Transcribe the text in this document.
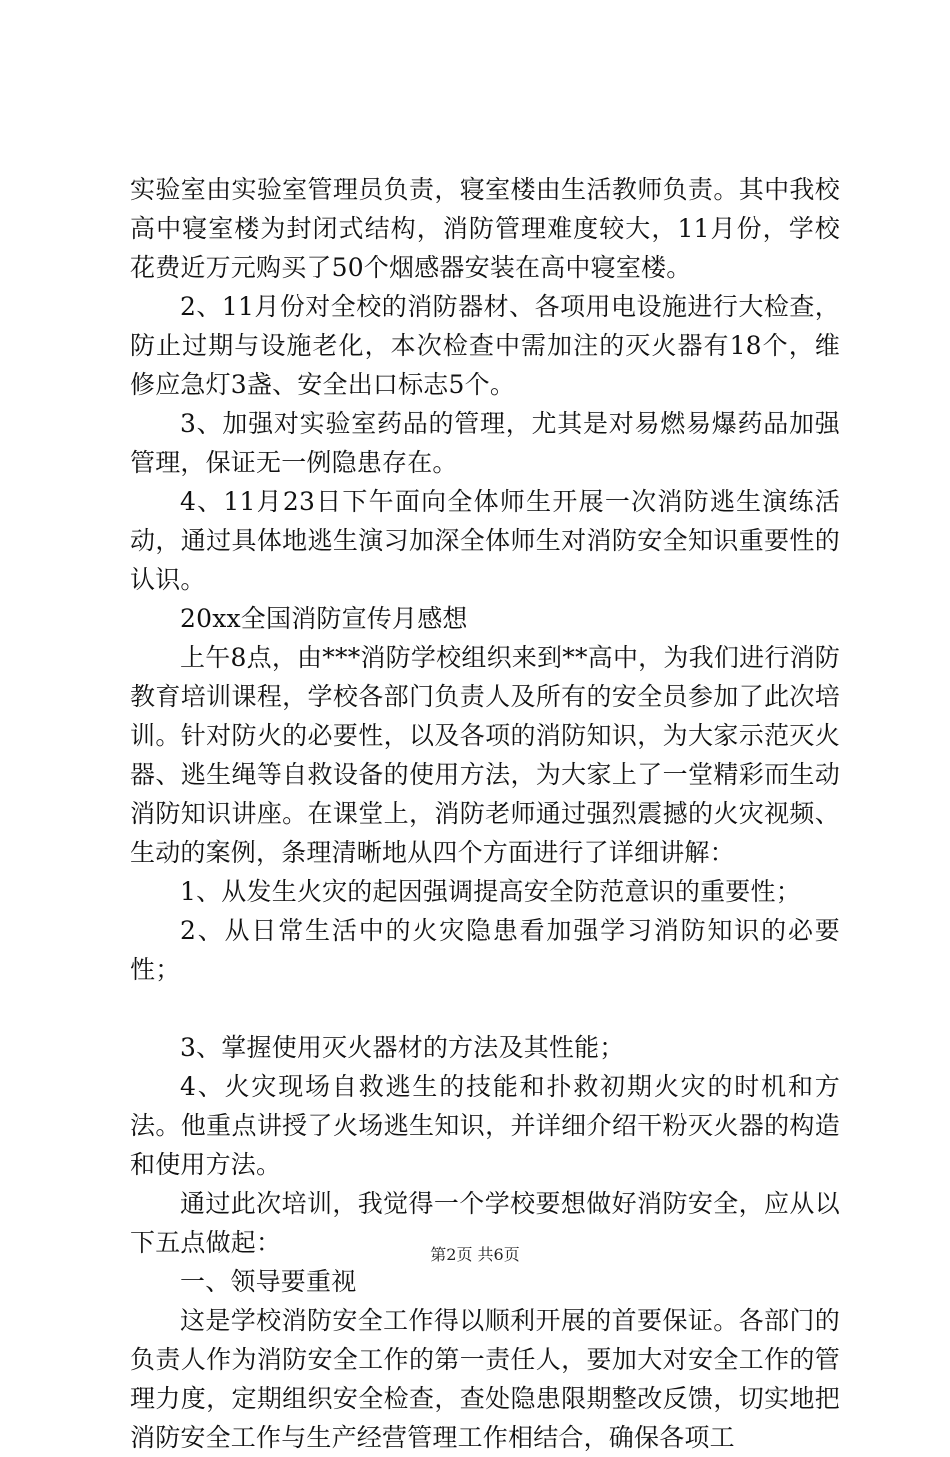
实验室由实验室管理员负责，寝室楼由生活教师负责。其中我校高中寝室楼为封闭式结构，消防管理难度较大，11月份，学校花费近万元购买了50个烟感器安装在高中寝室楼。

2、11月份对全校的消防器材、各项用电设施进行大检查，防止过期与设施老化，本次检查中需加注的灭火器有18个，维修应急灯3盏、安全出口标志5个。

3、加强对实验室药品的管理，尤其是对易燃易爆药品加强管理，保证无一例隐患存在。

4、11月23日下午面向全体师生开展一次消防逃生演练活动，通过具体地逃生演习加深全体师生对消防安全知识重要性的认识。

20xx全国消防宣传月感想

上午8点，由***消防学校组织来到**高中，为我们进行消防教育培训课程，学校各部门负责人及所有的安全员参加了此次培训。针对防火的必要性，以及各项的消防知识，为大家示范灭火器、逃生绳等自救设备的使用方法，为大家上了一堂精彩而生动消防知识讲座。在课堂上，消防老师通过强烈震撼的火灾视频、生动的案例，条理清晰地从四个方面进行了详细讲解：

1、从发生火灾的起因强调提高安全防范意识的重要性；

2、从日常生活中的火灾隐患看加强学习消防知识的必要性；

3、掌握使用灭火器材的方法及其性能；

4、火灾现场自救逃生的技能和扑救初期火灾的时机和方法。他重点讲授了火场逃生知识，并详细介绍干粉灭火器的构造和使用方法。

通过此次培训，我觉得一个学校要想做好消防安全，应从以下五点做起：

一、领导要重视

这是学校消防安全工作得以顺利开展的首要保证。各部门的负责人作为消防安全工作的第一责任人，要加大对安全工作的管理力度，定期组织安全检查，查处隐患限期整改反馈，切实地把消防安全工作与生产经营管理工作相结合，确保各项工

第2页 共6页
